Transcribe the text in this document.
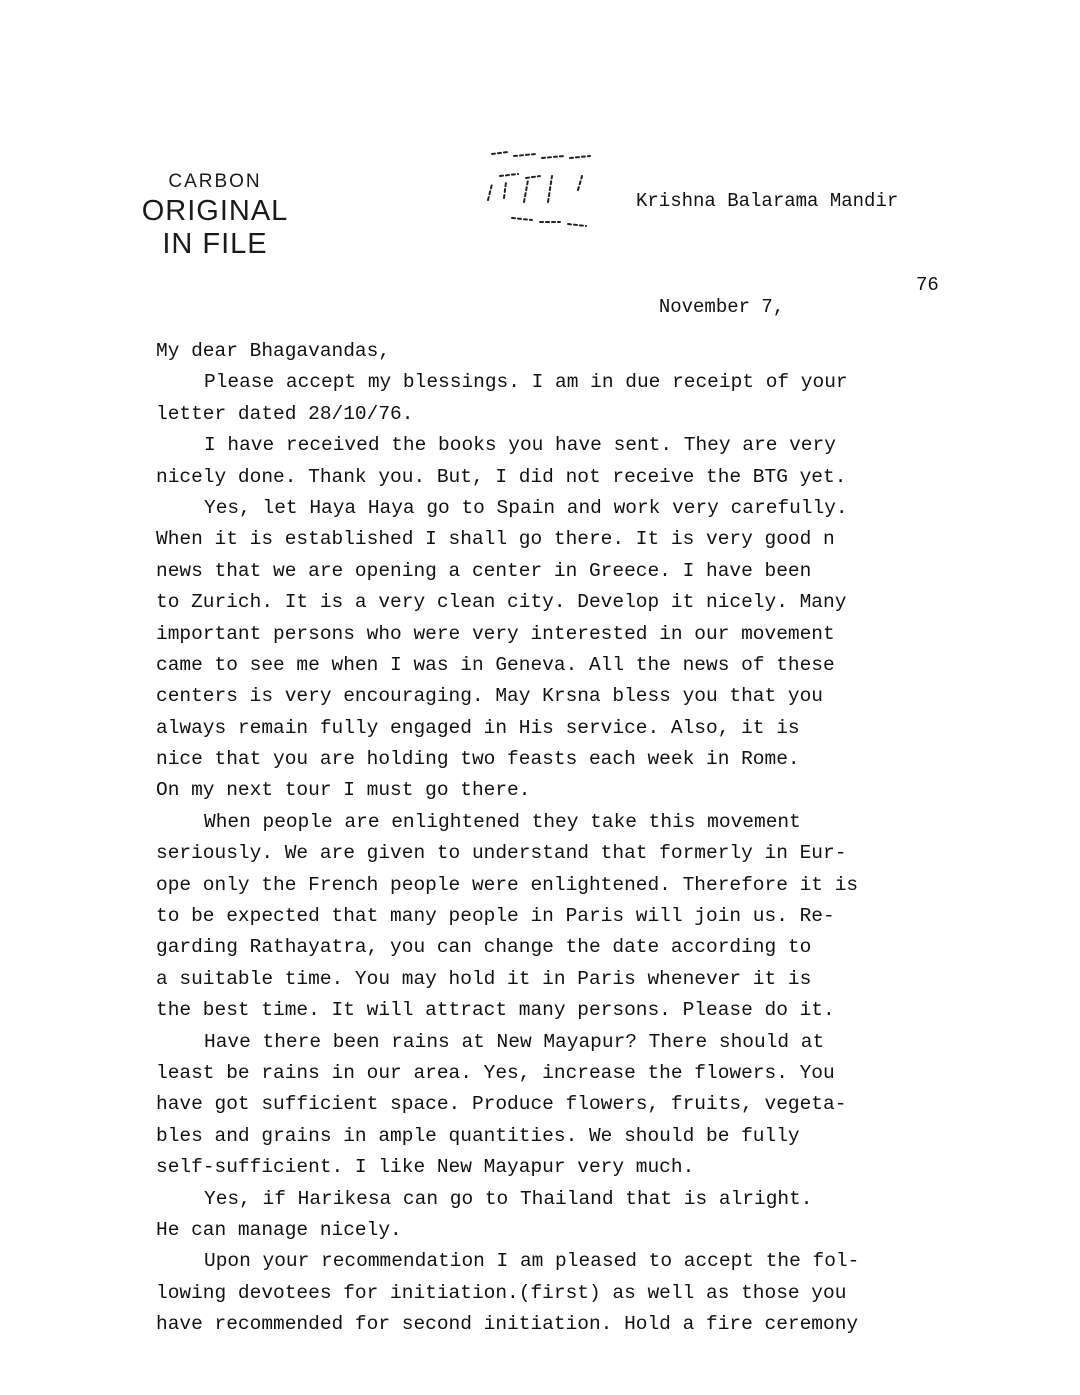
CARBON
ORIGINAL
IN FILE
Krishna Balarama Mandir

November 7,

76

My dear Bhagavandas,
Please accept my blessings. I am in due receipt of your
letter dated 28/10/76.
I have received the books you have sent. They are very
nicely done. Thank you. But, I did not receive the BTG yet.
Yes, let Haya Haya go to Spain and work very carefully.
When it is established I shall go there. It is very good n
news that we are opening a center in Greece. I have been
to Zurich. It is a very clean city. Develop it nicely. Many
important persons who were very interested in our movement
came to see me when I was in Geneva. All the news of these
centers is very encouraging. May Krsna bless you that you
always remain fully engaged in His service. Also, it is
nice that you are holding two feasts each week in Rome.
On my next tour I must go there.
When people are enlightened they take this movement
seriously. We are given to understand that formerly in Eur-
ope only the French people were enlightened. Therefore it is
to be expected that many people in Paris will join us. Re-
garding Rathayatra, you can change the date according to
a suitable time. You may hold it in Paris whenever it is
the best time. It will attract many persons. Please do it.
Have there been rains at New Mayapur? There should at
least be rains in our area. Yes, increase the flowers. You
have got sufficient space. Produce flowers, fruits, vegeta-
bles and grains in ample quantities. We should be fully
self-sufficient. I like New Mayapur very much.
Yes, if Harikesa can go to Thailand that is alright.
He can manage nicely.
Upon your recommendation I am pleased to accept the fol-
lowing devotees for initiation.(first) as well as those you
have recommended for second initiation. Hold a fire ceremony
